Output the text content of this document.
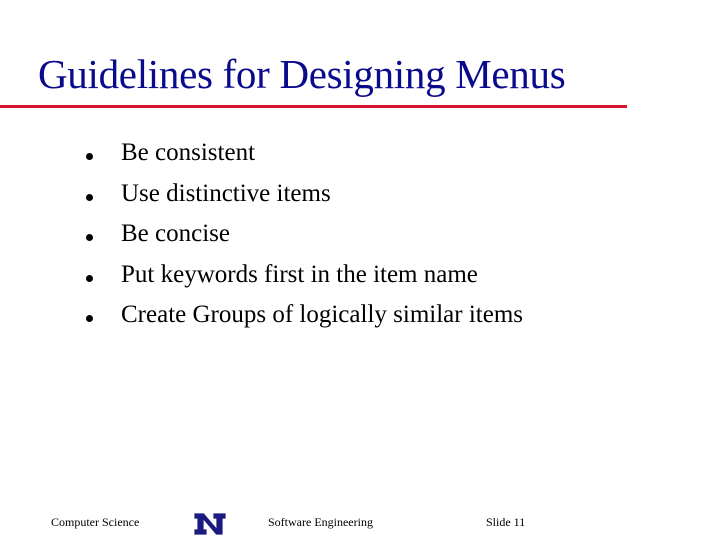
Guidelines for Designing Menus
Be consistent
Use distinctive items
Be concise
Put keywords first in the item name
Create Groups of logically similar items
Computer Science	Software Engineering	Slide 11
